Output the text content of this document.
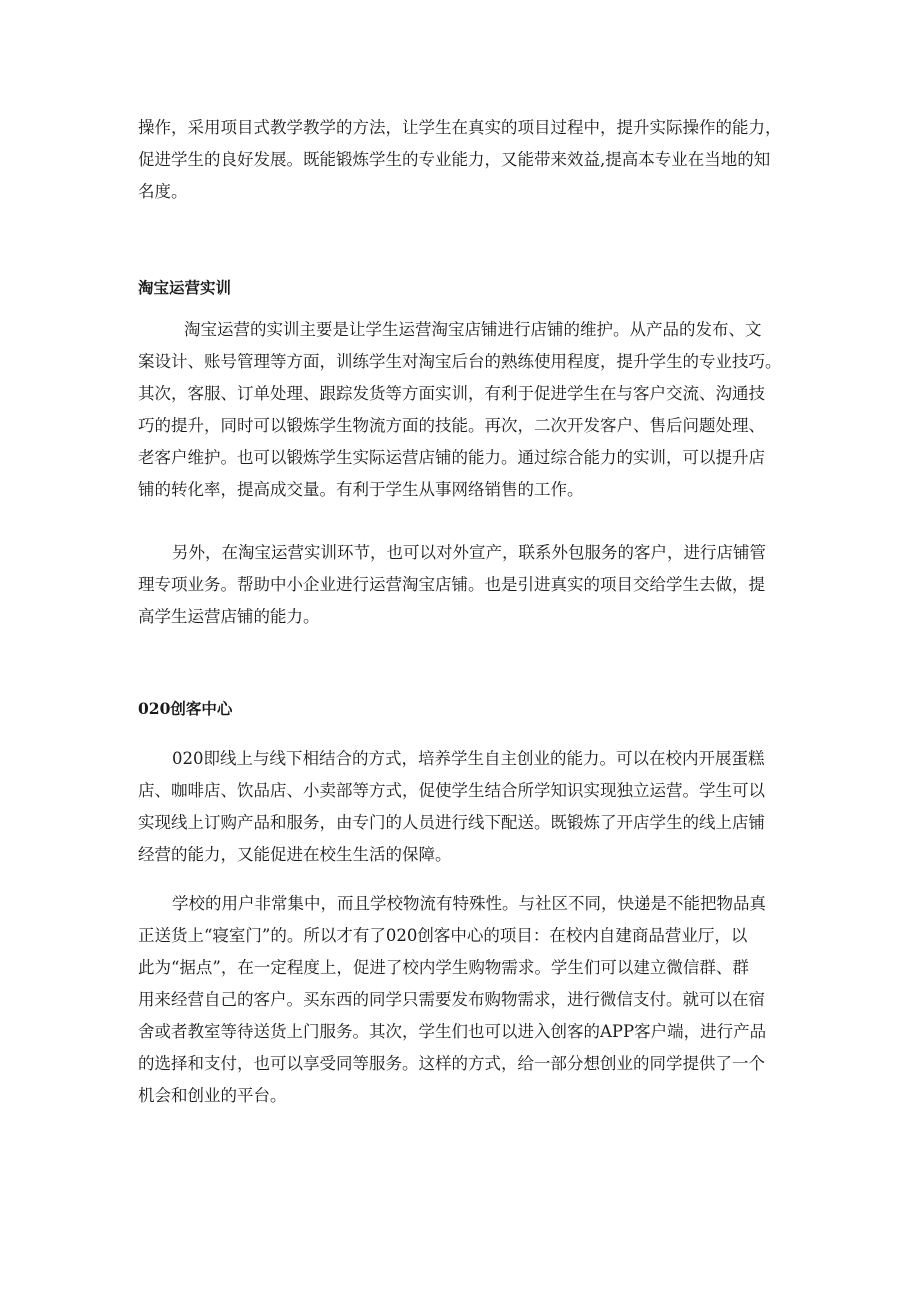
操作，采用项目式教学教学的方法，让学生在真实的项目过程中，提升实际操作的能力，
促进学生的良好发展。既能锻炼学生的专业能力，又能带来效益,提高本专业在当地的知
名度。
淘宝运营实训
淘宝运营的实训主要是让学生运营淘宝店铺进行店铺的维护。从产品的发布、文
案设计、账号管理等方面，训练学生对淘宝后台的熟练使用程度，提升学生的专业技巧。
其次，客服、订单处理、跟踪发货等方面实训，有利于促进学生在与客户交流、沟通技
巧的提升，同时可以锻炼学生物流方面的技能。再次，二次开发客户、售后问题处理、
老客户维护。也可以锻炼学生实际运营店铺的能力。通过综合能力的实训，可以提升店
铺的转化率，提高成交量。有利于学生从事网络销售的工作。
另外，在淘宝运营实训环节，也可以对外宣产，联系外包服务的客户，进行店铺管
理专项业务。帮助中小企业进行运营淘宝店铺。也是引进真实的项目交给学生去做，提
高学生运营店铺的能力。
020创客中心
020即线上与线下相结合的方式，培养学生自主创业的能力。可以在校内开展蛋糕
店、咖啡店、饮品店、小卖部等方式，促使学生结合所学知识实现独立运营。学生可以
实现线上订购产品和服务，由专门的人员进行线下配送。既锻炼了开店学生的线上店铺
经营的能力，又能促进在校生生活的保障。
学校的用户非常集中，而且学校物流有特殊性。与社区不同，快递是不能把物品真
正送货上“寝室门”的。所以才有了020创客中心的项目：在校内自建商品营业厅，以
此为“据点”，在一定程度上，促进了校内学生购物需求。学生们可以建立微信群、群
用来经营自己的客户。买东西的同学只需要发布购物需求，进行微信支付。就可以在宿
舍或者教室等待送货上门服务。其次，学生们也可以进入创客的APP客户端，进行产品
的选择和支付，也可以享受同等服务。这样的方式，给一部分想创业的同学提供了一个
机会和创业的平台。
